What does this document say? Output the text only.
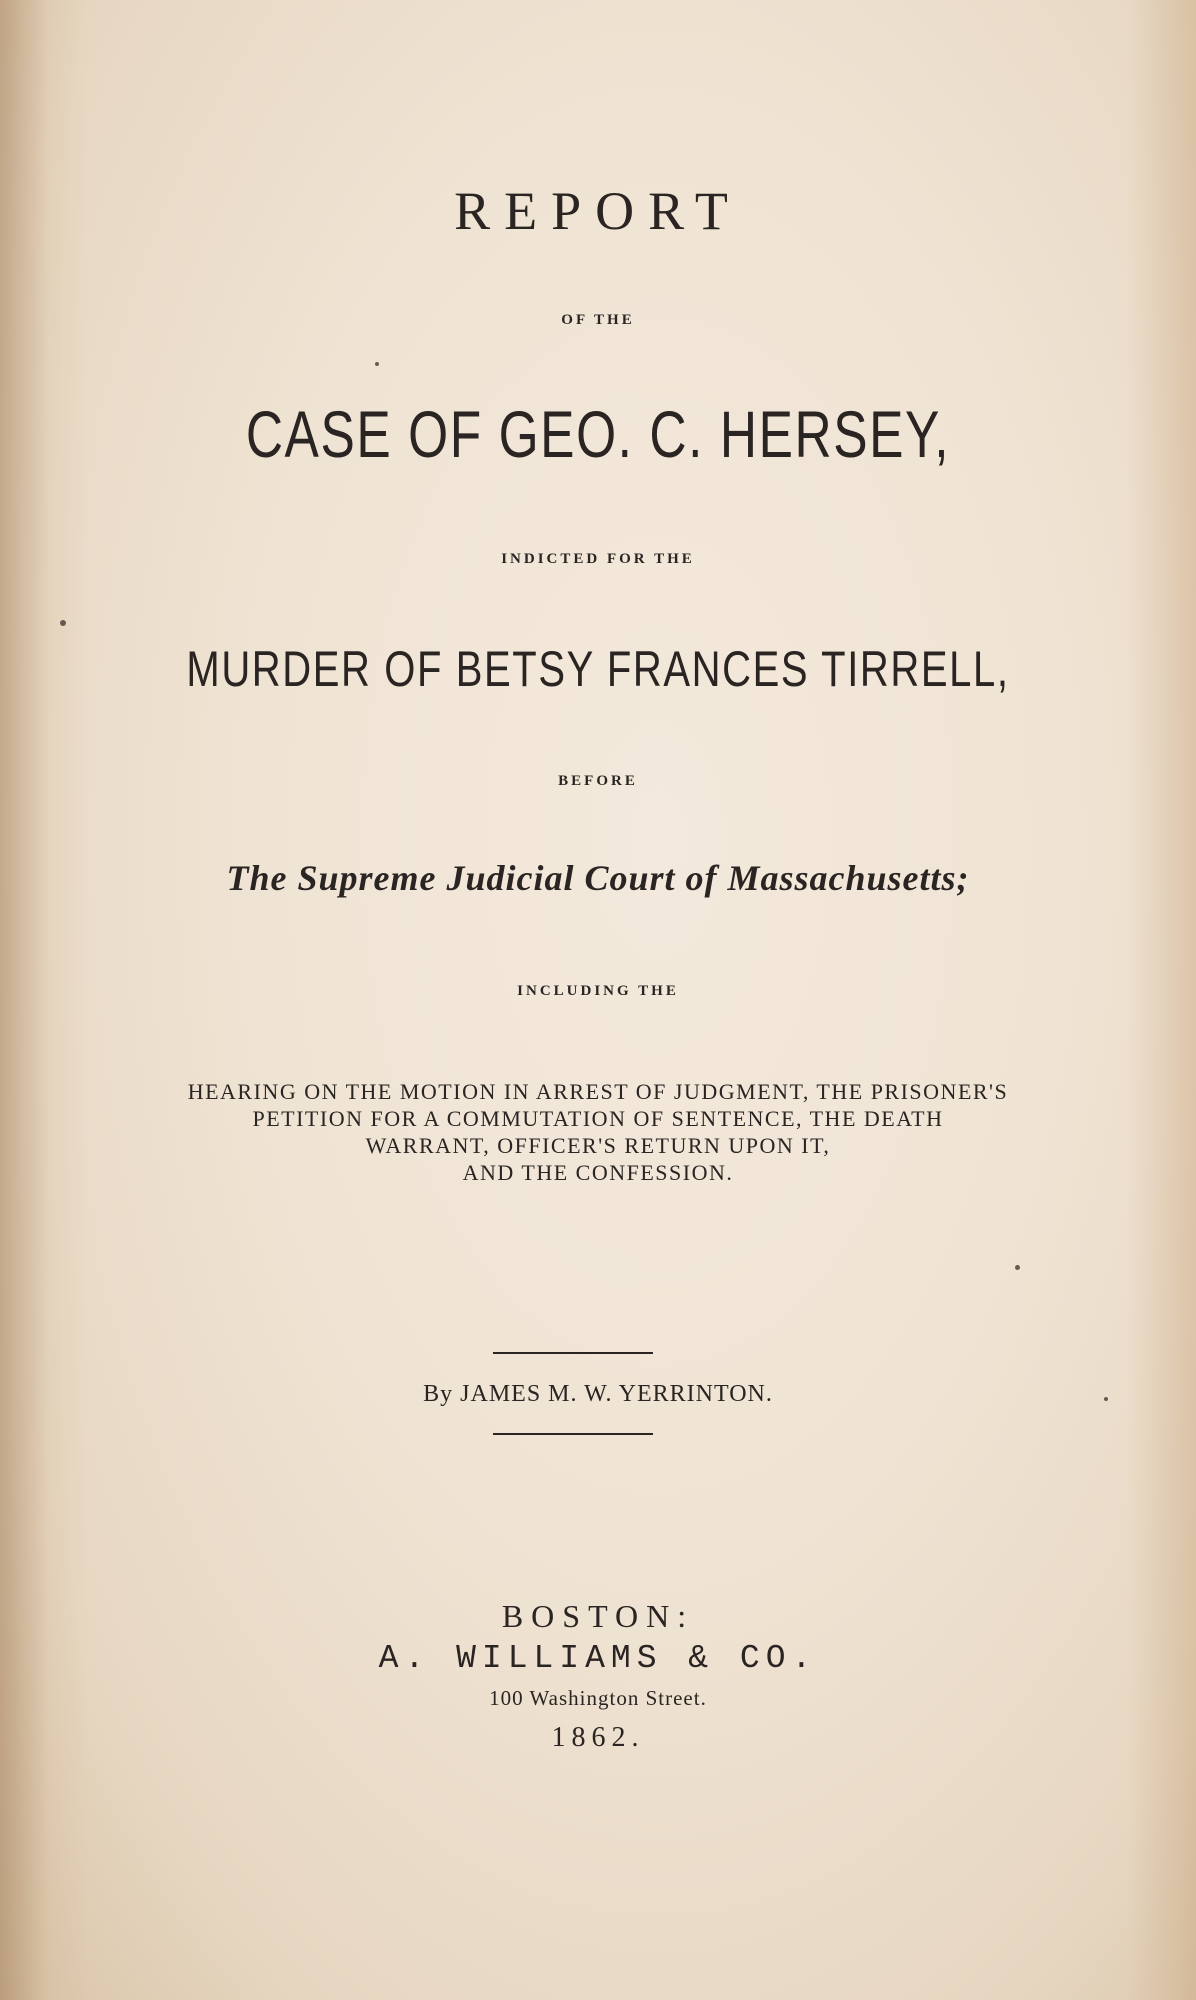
REPORT
OF THE
CASE OF GEO. C. HERSEY,
INDICTED FOR THE
MURDER OF BETSY FRANCES TIRRELL,
BEFORE
The Supreme Judicial Court of Massachusetts;
INCLUDING THE
HEARING ON THE MOTION IN ARREST OF JUDGMENT, THE PRISONER'S
PETITION FOR A COMMUTATION OF SENTENCE, THE DEATH
WARRANT, OFFICER'S RETURN UPON IT,
AND THE CONFESSION.
By JAMES M. W. YERRINTON.
BOSTON:
A. WILLIAMS & CO.
100 Washington Street.
1862.
